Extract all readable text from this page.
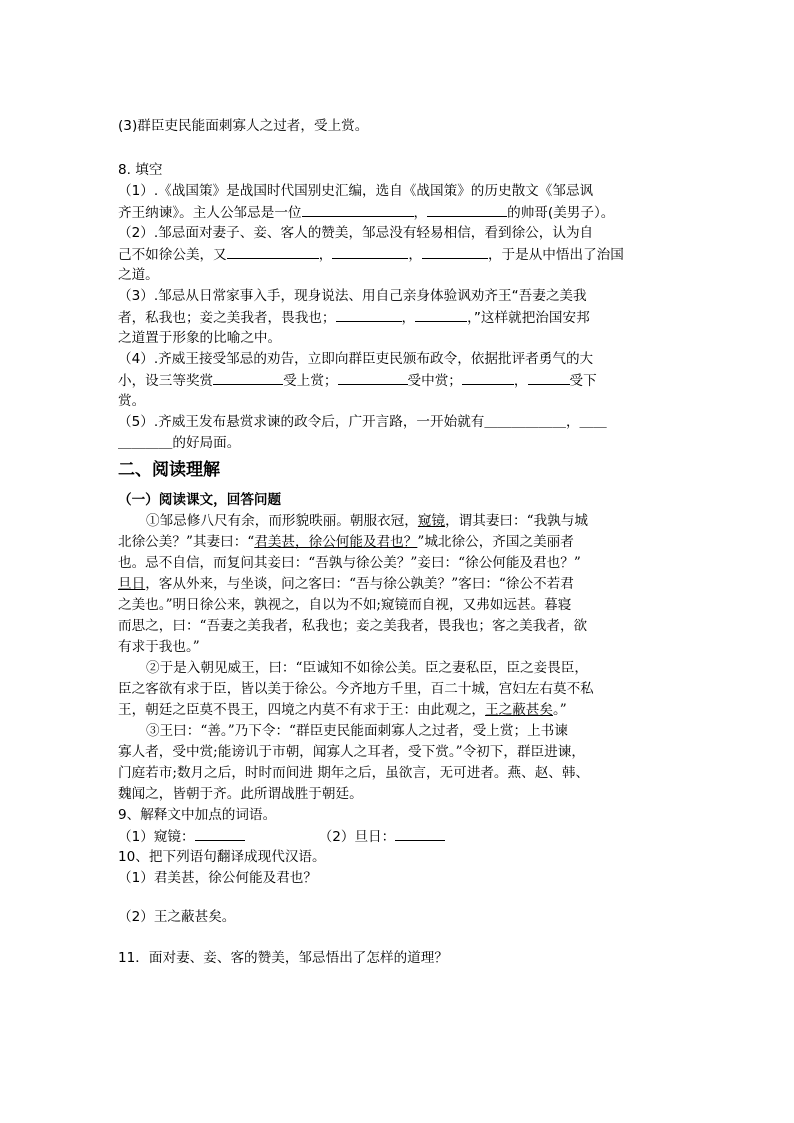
(3)群臣吏民能面刺寡人之过者，受上赏。
8. 填空
（1）.《战国策》是战国时代国别史汇编，选自《战国策》的历史散文《邹忌讽
齐王纳谏》。主人公邹忌是一位	，	的帅哥(美男子）。
（2）.邹忌面对妻子、妾、客人的赞美，邹忌没有轻易相信，看到徐公，认为自
己不如徐公美，又	，	，	，于是从中悟出了治国
之道。
（3）.邹忌从日常家事入手，现身说法、用自己亲身体验讽劝齐王“吾妻之美我
者，私我也；妾之美我者，畏我也；	，	，”这样就把治国安邦
之道置于形象的比喻之中。
（4）.齐威王接受邹忌的劝告，立即向群臣吏民颁布政令，依据批评者勇气的大
小，设三等奖赏	受上赏；	受中赏；	，	受下
赏。
（5）.齐威王发布悬赏求谏的政令后，广开言路，一开始就有＿＿＿＿＿＿，＿＿
＿＿＿＿的好局面。
二、阅读理解
（一）阅读课文，回答问题
①邹忌修八尺有余，而形貌昳丽。朝服衣冠，窥镜，谓其妻曰：“我孰与城
北徐公美？”其妻曰：“君美甚，徐公何能及君也？”城北徐公，齐国之美丽者
也。忌不自信，而复问其妾曰：“吾孰与徐公美？”妾曰：“徐公何能及君也？”
旦日，客从外来，与坐谈，问之客曰：“吾与徐公孰美？”客曰：“徐公不若君
之美也。”明日徐公来，孰视之，自以为不如;窥镜而自视，又弗如远甚。暮寝
而思之，曰：“吾妻之美我者，私我也；妾之美我者，畏我也；客之美我者，欲
有求于我也。”
②于是入朝见威王，曰：“臣诚知不如徐公美。臣之妻私臣，臣之妾畏臣，
臣之客欲有求于臣，皆以美于徐公。今齐地方千里，百二十城，宫妇左右莫不私
王，朝廷之臣莫不畏王，四境之内莫不有求于王：由此观之，王之蔽甚矣。”
③王曰：“善。”乃下令：“群臣吏民能面刺寡人之过者，受上赏；上书谏
寡人者，受中赏;能谤讥于市朝，闻寡人之耳者，受下赏。”令初下，群臣进谏，
门庭若市;数月之后，时时而间进 期年之后，虽欲言，无可进者。燕、赵、韩、
魏闻之，皆朝于齐。此所谓战胜于朝廷。
9、解释文中加点的词语。
（1）窥镜：	（2）旦日：
10、把下列语句翻译成现代汉语。
（1）君美甚，徐公何能及君也？
（2）王之蔽甚矣。
11．面对妻、妾、客的赞美，邹忌悟出了怎样的道理？
